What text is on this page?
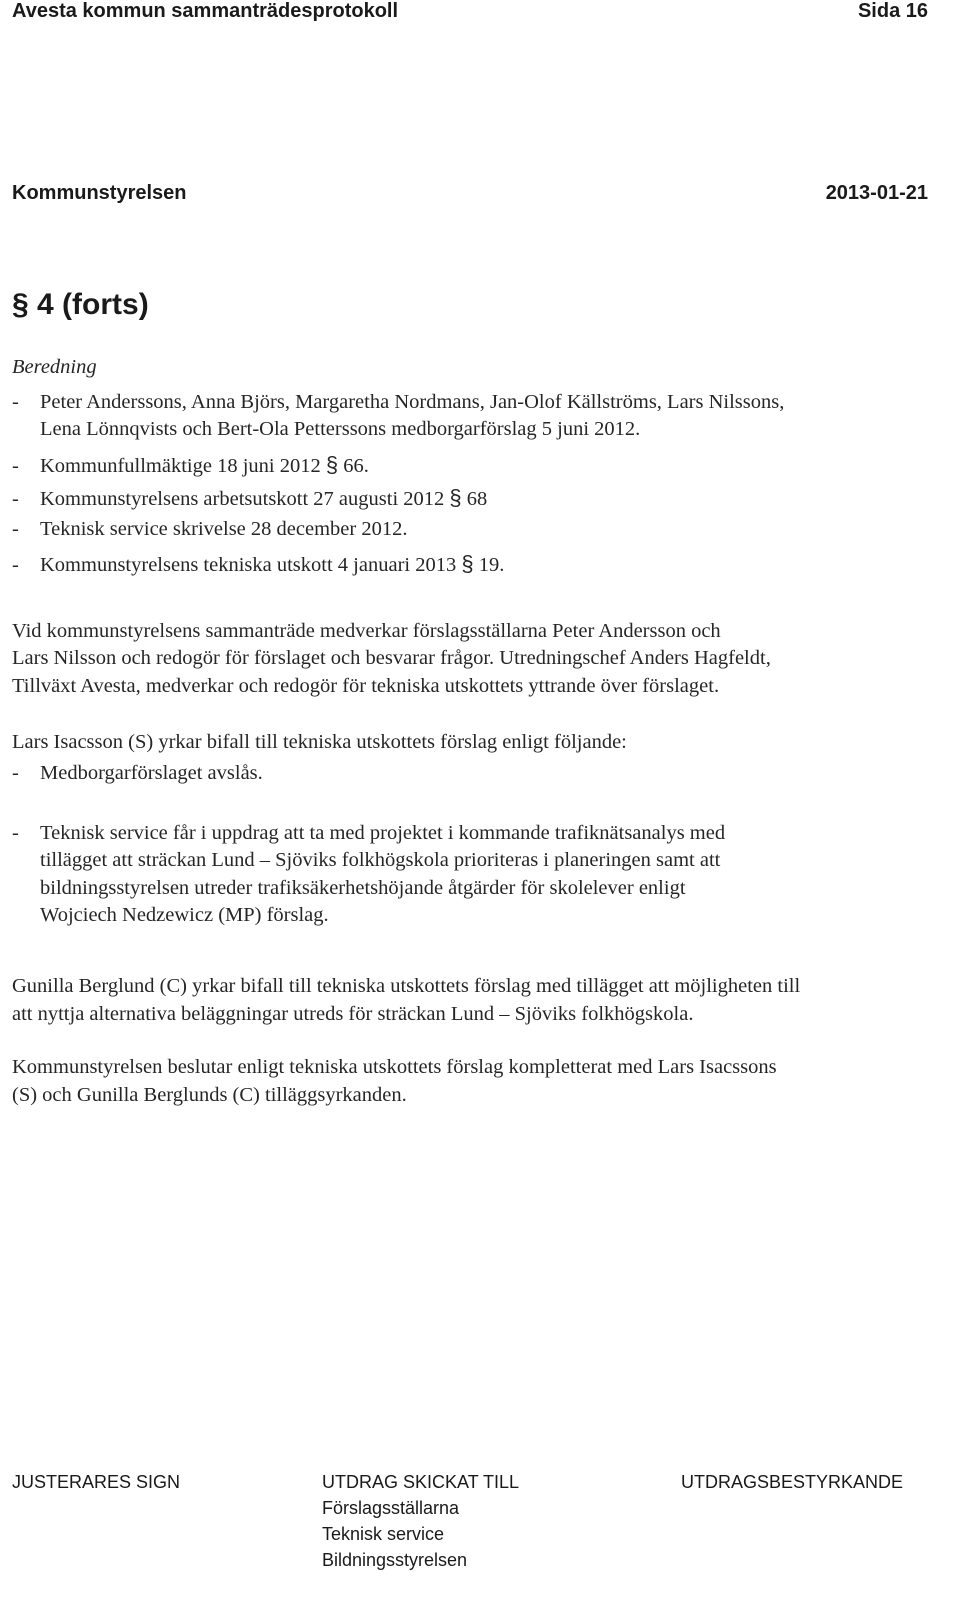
Avesta kommun sammanträdesprotokoll	Sida 16
Kommunstyrelsen	2013-01-21
§ 4 (forts)
Beredning
- Peter Anderssons, Anna Björs, Margaretha Nordmans, Jan-Olof Källströms, Lars Nilssons,
Lena Lönnqvists och Bert-Ola Petterssons medborgarförslag 5 juni 2012.
- Kommunfullmäktige 18 juni 2012 § 66.
- Kommunstyrelsens arbetsutskott 27 augusti 2012 § 68
- Teknisk service skrivelse 28 december 2012.
- Kommunstyrelsens tekniska utskott 4 januari 2013 § 19.
Vid kommunstyrelsens sammanträde medverkar förslagsställarna Peter Andersson och
Lars Nilsson och redogör för förslaget och besvarar frågor. Utredningschef Anders Hagfeldt,
Tillväxt Avesta, medverkar och redogör för tekniska utskottets yttrande över förslaget.
Lars Isacsson (S) yrkar bifall till tekniska utskottets förslag enligt följande:
- Medborgarförslaget avslås.
- Teknisk service får i uppdrag att ta med projektet i kommande trafiknätsanalys med
tillägget att sträckan Lund – Sjöviks folkhögskola prioriteras i planeringen samt att
bildningsstyrelsen utreder trafiksäkerhetshöjande åtgärder för skolelever enligt
Wojciech Nedzewicz (MP) förslag.
Gunilla Berglund (C) yrkar bifall till tekniska utskottets förslag med tillägget att möjligheten till
att nyttja alternativa beläggningar utreds för sträckan Lund – Sjöviks folkhögskola.
Kommunstyrelsen beslutar enligt tekniska utskottets förslag kompletterat med Lars Isacssons
(S) och Gunilla Berglunds (C) tilläggsyrkanden.
JUSTERARES SIGN	UTDRAG SKICKAT TILL
Förslagsställarna
Teknisk service
Bildningsstyrelsen
UTDRAGSBESTYRKANDE
